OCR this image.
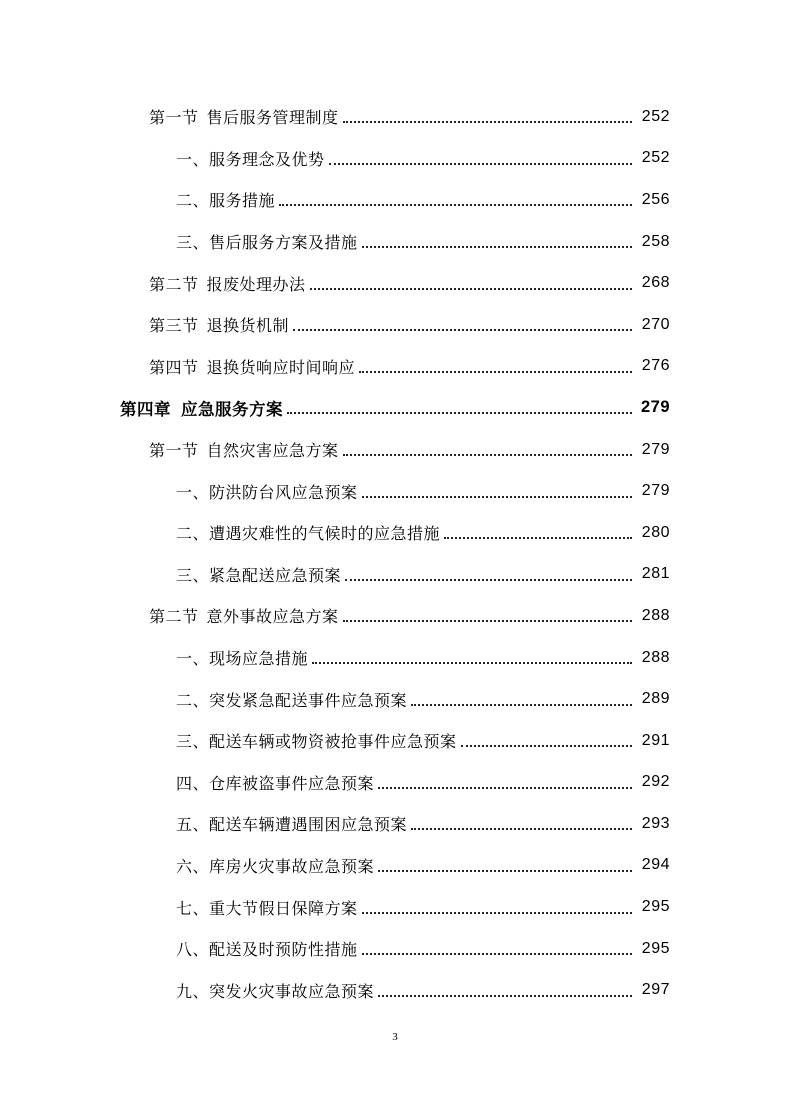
第一节 售后服务管理制度	252
一、 服务理念及优势	252
二、 服务措施	256
三、 售后服务方案及措施	258
第二节 报废处理办法	268
第三节 退换货机制	270
第四节 退换货响应时间响应	276
第四章 应急服务方案	279
第一节 自然灾害应急方案	279
一、 防洪防台风应急预案	279
二、 遭遇灾难性的气候时的应急措施	280
三、 紧急配送应急预案	281
第二节 意外事故应急方案	288
一、 现场应急措施	288
二、 突发紧急配送事件应急预案	289
三、 配送车辆或物资被抢事件应急预案	291
四、 仓库被盗事件应急预案	292
五、 配送车辆遭遇围困应急预案	293
六、 库房火灾事故应急预案	294
七、 重大节假日保障方案	295
八、 配送及时预防性措施	295
九、 突发火灾事故应急预案	297
3
